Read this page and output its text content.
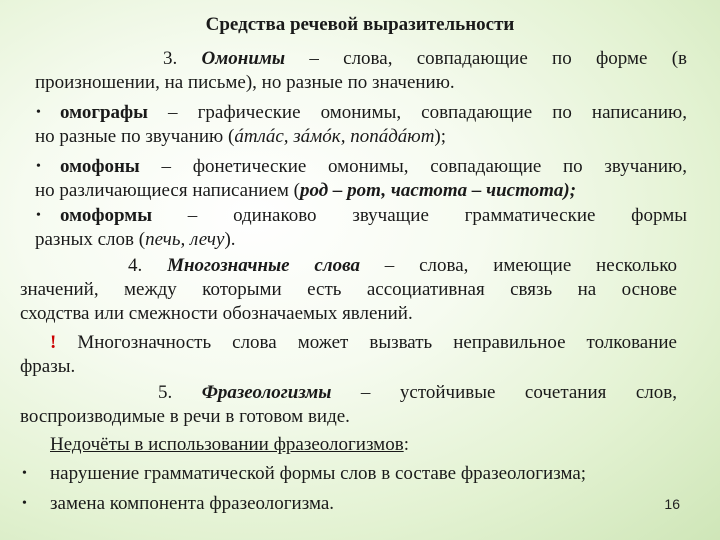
Средства речевой выразительности
3. Омонимы – слова, совпадающие по форме (в
произношении, на письме), но разные по значению.
• омографы – графические омонимы, совпадающие по написанию,
но разные по звучанию (áтлáс, зáмóк, попáдáют);
• омофоны – фонетические омонимы, совпадающие по звучанию,
но различающиеся написанием (род – рот, частота – чистота);
• омоформы – одинаково звучащие грамматические формы
разных слов (печь, лечу).
4. Многозначные слова – слова, имеющие несколько
значений, между которыми есть ассоциативная связь на основе
сходства или смежности обозначаемых явлений.
! Многозначность слова может вызвать неправильное толкование
фразы.
5. Фразеологизмы – устойчивые сочетания слов,
воспроизводимые в речи в готовом виде.
Недочёты в использовании фразеологизмов:
• нарушение грамматической формы слов в составе фразеологизма;
• замена компонента фразеологизма.	16
